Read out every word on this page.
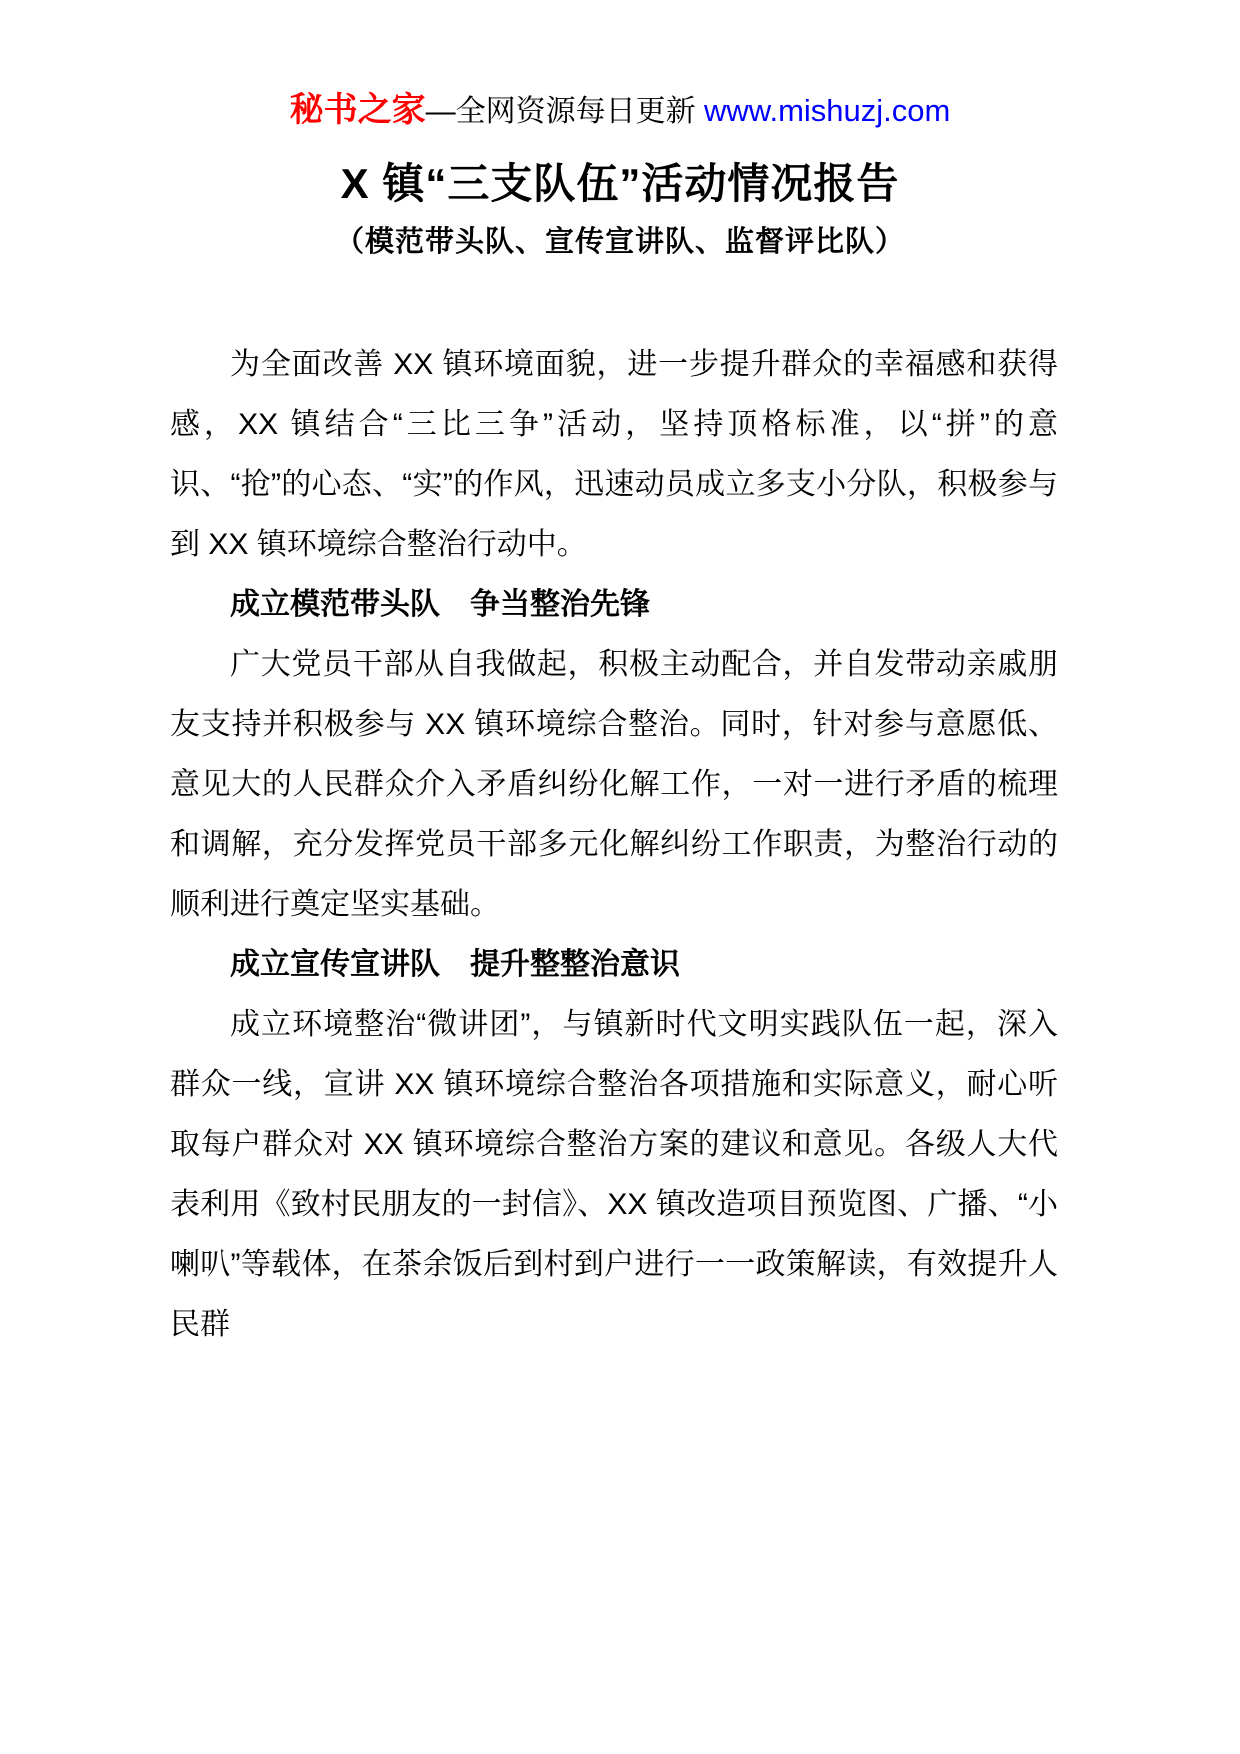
秘书之家—全网资源每日更新 www.mishuzj.com
X 镇“三支队伍”活动情况报告
（模范带头队、宣传宣讲队、监督评比队）

为全面改善 XX 镇环境面貌，进一步提升群众的幸福感和获得感，XX 镇结合“三比三争”活动，坚持顶格标准，以“拼”的意识、“抢”的心态、“实”的作风，迅速动员成立多支小分队，积极参与到 XX 镇环境综合整治行动中。

成立模范带头队　争当整治先锋

广大党员干部从自我做起，积极主动配合，并自发带动亲戚朋友支持并积极参与 XX 镇环境综合整治。同时，针对参与意愿低、意见大的人民群众介入矛盾纠纷化解工作，一对一进行矛盾的梳理和调解，充分发挥党员干部多元化解纠纷工作职责，为整治行动的顺利进行奠定坚实基础。

成立宣传宣讲队　提升整整治意识

成立环境整治“微讲团”，与镇新时代文明实践队伍一起，深入群众一线，宣讲 XX 镇环境综合整治各项措施和实际意义，耐心听取每户群众对 XX 镇环境综合整治方案的建议和意见。各级人大代表利用《致村民朋友的一封信》、XX 镇改造项目预览图、广播、“小喇叭”等载体，在茶余饭后到村到户进行一一政策解读，有效提升人民群
